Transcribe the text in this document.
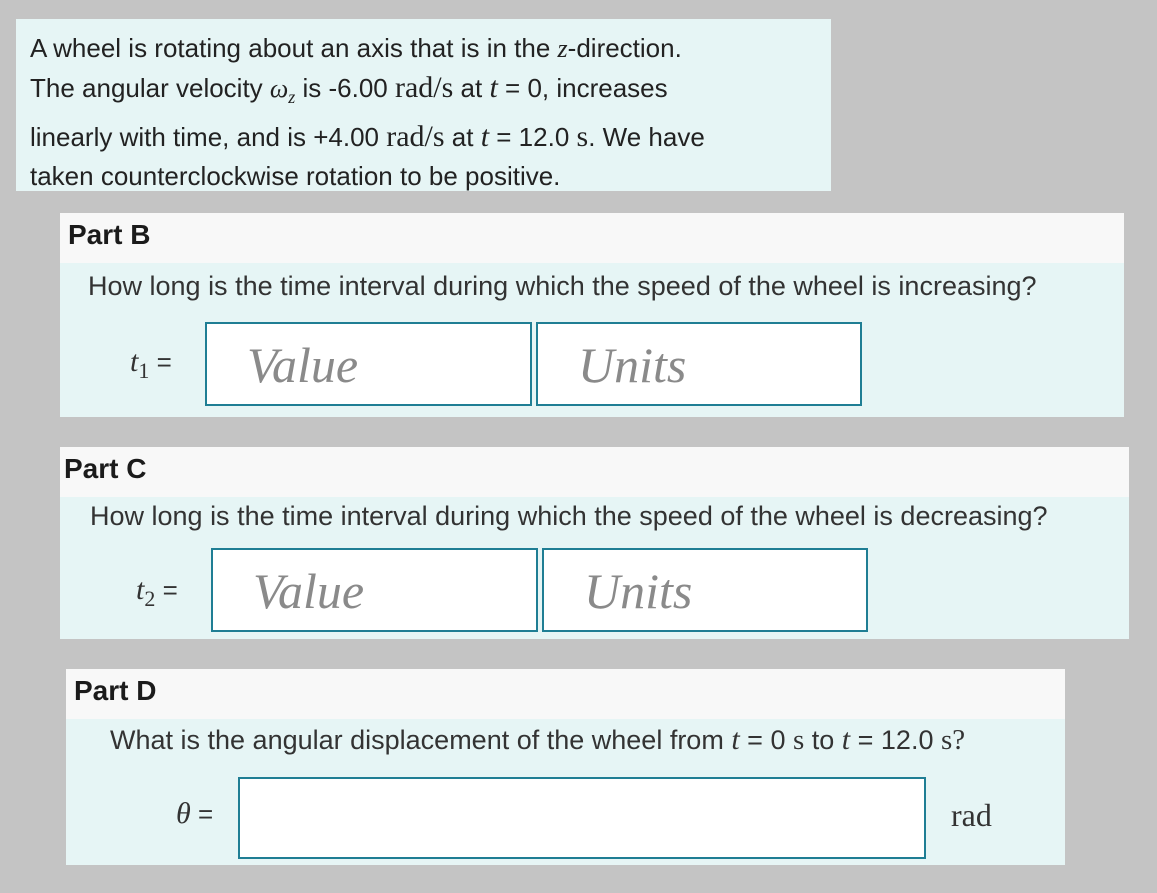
A wheel is rotating about an axis that is in the z-direction.

The angular velocity $\omega_z$ is -6.00 rad/s at t = 0, increases

linearly with time, and is +4.00 rad/s at t = 12.0 s. We have

taken counterclockwise rotation to be positive.

Part B
How long is the time interval during which the speed of the wheel is increasing?
$t_1$ =	Value	Units
Part C
How long is the time interval during which the speed of the wheel is decreasing?
$t_2$ =	Value	Units
Part D
What is the angular displacement of the wheel from t = 0 s to t = 12.0 s?
θ =	rad
